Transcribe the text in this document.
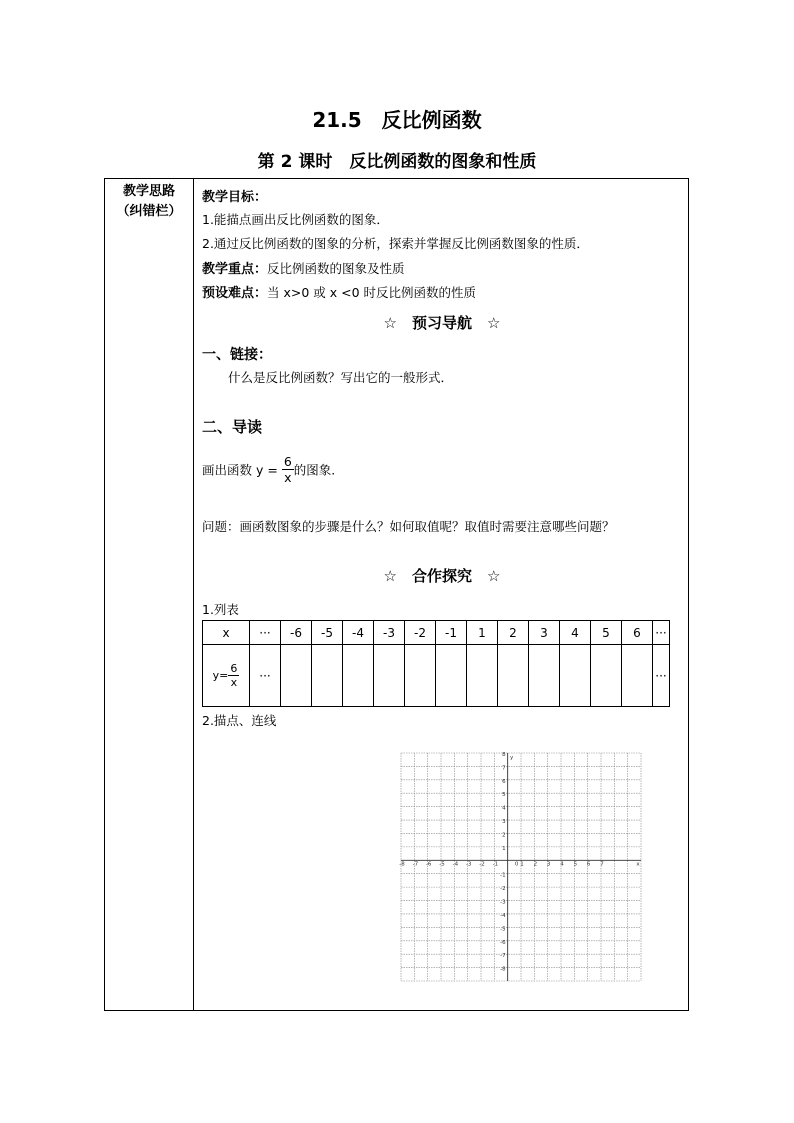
21.5　反比例函数
第 2 课时　反比例函数的图象和性质
教学思路
（纠错栏）
教学目标：
1.能描点画出反比例函数的图象．
2.通过反比例函数的图象的分析，探索并掌握反比例函数图象的性质．
教学重点：反比例函数的图象及性质
预设难点：当 x>0 或 x <0 时反比例函数的性质
☆　预习导航　☆
一、链接：
什么是反比例函数？写出它的一般形式．
二、导读
画出函数 $y = \frac{6}{x}$ 的图象.
问题：画函数图象的步骤是什么？如何取值呢？取值时需要注意哪些问题？
☆　合作探究　☆
1.列表
x	···	-6	-5	-4	-3	-2	-1	1	2	3	4	5	6	···
$y= \frac{6}{x}$	···													···
2.描点、连线
-8 -7 -6 -5 -4 -3 -2 -1	0 1 2 3 4 5 6 7	x
8
7
6
5
4
3
2
1
-1
-2
-3
-4
-5
-6
-7
-8
y
